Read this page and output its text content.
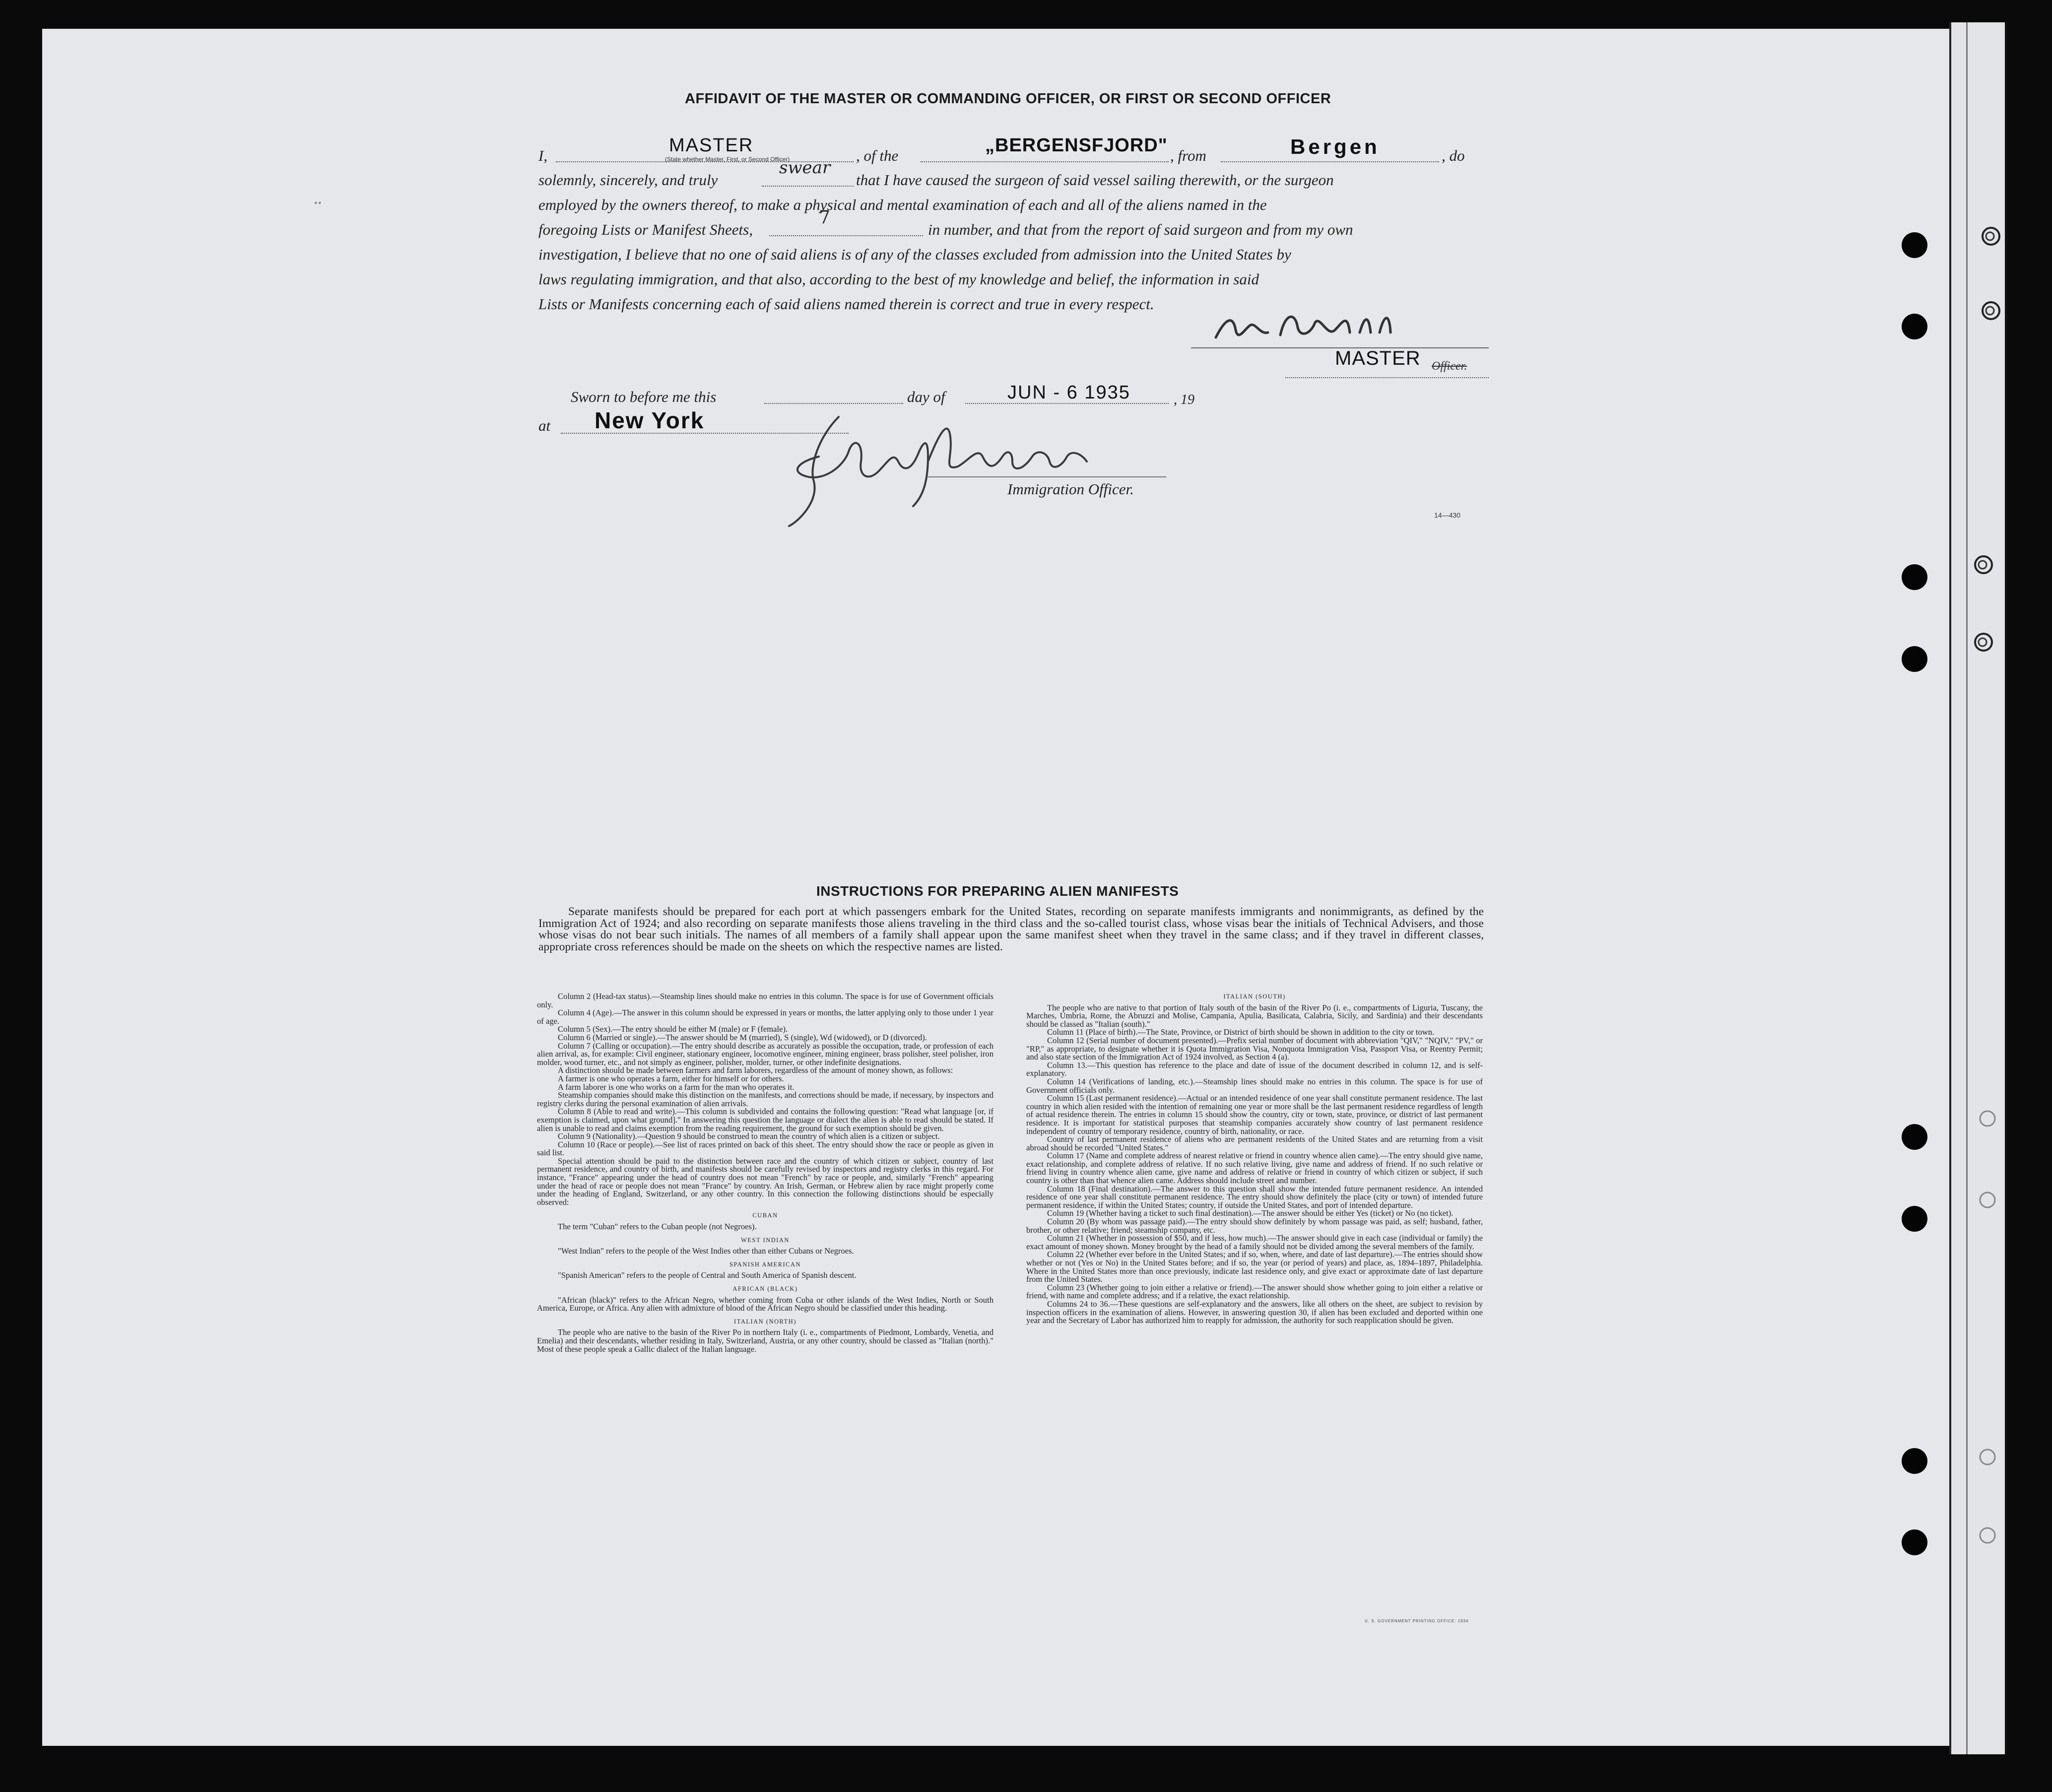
ꞏꞏ
AFFIDAVIT OF THE MASTER OR COMMANDING OFFICER, OR FIRST OR SECOND OFFICER
I,	MASTER
(State whether Master, First, or Second Officer)	, of the	„BERGENSFJORD" , from	Bergen	, do
solemnly, sincerely, and truly
swear
that I have caused the surgeon of said vessel sailing therewith, or the surgeon
employed by the owners thereof, to make a physical and mental examination of each and all of the aliens named in the
foregoing Lists or Manifest Sheets,
7
in number, and that from the report of said surgeon and from my own
investigation, I believe that no one of said aliens is of any of the classes excluded from admission into the United States by
laws regulating immigration, and that also, according to the best of my knowledge and belief, the information in said
Lists or Manifests concerning each of said aliens named therein is correct and true in every respect.
MASTER Officer.
Sworn to before me this	day of	JUN - 6 1935	, 19
at New York
Immigration Officer.
14—430
INSTRUCTIONS FOR PREPARING ALIEN MANIFESTS
Separate manifests should be prepared for each port at which passengers embark for the United States, recording on separate manifests immigrants and nonimmigrants, as defined by the Immigration Act of 1924; and also recording on separate manifests those aliens traveling in the third class and the so-called tourist class, whose visas bear the initials of Technical Advisers, and those whose visas do not bear such initials. The names of all members of a family shall appear upon the same manifest sheet when they travel in the same class; and if they travel in different classes, appropriate cross references should be made on the sheets on which the respective names are listed.

Column 2 (Head-tax status).—Steamship lines should make no entries in this column. The space is for use of Government officials only.

Column 4 (Age).—The answer in this column should be expressed in years or months, the latter applying only to those under 1 year of age.

Column 5 (Sex).—The entry should be either M (male) or F (female).

Column 6 (Married or single).—The answer should be M (married), S (single), Wd (widowed), or D (divorced).

Column 7 (Calling or occupation).—The entry should describe as accurately as possible the occupation, trade, or profession of each alien arrival, as, for example: Civil engineer, stationary engineer, locomotive engineer, mining engineer, brass polisher, steel polisher, iron molder, wood turner, etc., and not simply as engineer, polisher, molder, turner, or other indefinite designations.

A distinction should be made between farmers and farm laborers, regardless of the amount of money shown, as follows:

A farmer is one who operates a farm, either for himself or for others.

A farm laborer is one who works on a farm for the man who operates it.

Steamship companies should make this distinction on the manifests, and corrections should be made, if necessary, by inspectors and registry clerks during the personal examination of alien arrivals.

Column 8 (Able to read and write).—This column is subdivided and contains the following question: "Read what language [or, if exemption is claimed, upon what ground]." In answering this question the language or dialect the alien is able to read should be stated. If alien is unable to read and claims exemption from the reading requirement, the ground for such exemption should be given.

Column 9 (Nationality).—Question 9 should be construed to mean the country of which alien is a citizen or subject.

Column 10 (Race or people).—See list of races printed on back of this sheet. The entry should show the race or people as given in said list.

Special attention should be paid to the distinction between race and the country of which citizen or subject, country of last permanent residence, and country of birth, and manifests should be carefully revised by inspectors and registry clerks in this regard. For instance, "France" appearing under the head of country does not mean "French" by race or people, and, similarly "French" appearing under the head of race or people does not mean "France" by country. An Irish, German, or Hebrew alien by race might properly come under the heading of England, Switzerland, or any other country. In this connection the following distinctions should be especially observed:

CUBAN

The term "Cuban" refers to the Cuban people (not Negroes).

WEST INDIAN

"West Indian" refers to the people of the West Indies other than either Cubans or Negroes.

SPANISH AMERICAN

"Spanish American" refers to the people of Central and South America of Spanish descent.

AFRICAN (BLACK)

"African (black)" refers to the African Negro, whether coming from Cuba or other islands of the West Indies, North or South America, Europe, or Africa. Any alien with admixture of blood of the African Negro should be classified under this heading.

ITALIAN (NORTH)

The people who are native to the basin of the River Po in northern Italy (i. e., compartments of Piedmont, Lombardy, Venetia, and Emelia) and their descendants, whether residing in Italy, Switzerland, Austria, or any other country, should be classed as "Italian (north)." Most of these people speak a Gallic dialect of the Italian language.

ITALIAN (SOUTH)

The people who are native to that portion of Italy south of the basin of the River Po (i. e., compartments of Liguria, Tuscany, the Marches, Umbria, Rome, the Abruzzi and Molise, Campania, Apulia, Basilicata, Calabria, Sicily, and Sardinia) and their descendants should be classed as "Italian (south)."

Column 11 (Place of birth).—The State, Province, or District of birth should be shown in addition to the city or town.

Column 12 (Serial number of document presented).—Prefix serial number of document with abbreviation "QIV," "NQIV," "PV," or "RP," as appropriate, to designate whether it is Quota Immigration Visa, Nonquota Immigration Visa, Passport Visa, or Reentry Permit; and also state section of the Immigration Act of 1924 involved, as Section 4 (a).

Column 13.—This question has reference to the place and date of issue of the document described in column 12, and is self-explanatory.

Column 14 (Verifications of landing, etc.).—Steamship lines should make no entries in this column. The space is for use of Government officials only.

Column 15 (Last permanent residence).—Actual or an intended residence of one year shall constitute permanent residence. The last country in which alien resided with the intention of remaining one year or more shall be the last permanent residence regardless of length of actual residence therein. The entries in column 15 should show the country, city or town, state, province, or district of last permanent residence. It is important for statistical purposes that steamship companies accurately show country of last permanent residence independent of country of temporary residence, country of birth, nationality, or race.

Country of last permanent residence of aliens who are permanent residents of the United States and are returning from a visit abroad should be recorded "United States."

Column 17 (Name and complete address of nearest relative or friend in country whence alien came).—The entry should give name, exact relationship, and complete address of relative. If no such relative living, give name and address of friend. If no such relative or friend living in country whence alien came, give name and address of relative or friend in country of which citizen or subject, if such country is other than that whence alien came. Address should include street and number.

Column 18 (Final destination).—The answer to this question shall show the intended future permanent residence. An intended residence of one year shall constitute permanent residence. The entry should show definitely the place (city or town) of intended future permanent residence, if within the United States; country, if outside the United States, and port of intended departure.

Column 19 (Whether having a ticket to such final destination).—The answer should be either Yes (ticket) or No (no ticket).

Column 20 (By whom was passage paid).—The entry should show definitely by whom passage was paid, as self; husband, father, brother, or other relative; friend; steamship company, etc.

Column 21 (Whether in possession of $50, and if less, how much).—The answer should give in each case (individual or family) the exact amount of money shown. Money brought by the head of a family should not be divided among the several members of the family.

Column 22 (Whether ever before in the United States; and if so, when, where, and date of last departure).—The entries should show whether or not (Yes or No) in the United States before; and if so, the year (or period of years) and place, as, 1894–1897, Philadelphia. Where in the United States more than once previously, indicate last residence only, and give exact or approximate date of last departure from the United States.

Column 23 (Whether going to join either a relative or friend).—The answer should show whether going to join either a relative or friend, with name and complete address; and if a relative, the exact relationship.

Columns 24 to 36.—These questions are self-explanatory and the answers, like all others on the sheet, are subject to revision by inspection officers in the examination of aliens. However, in answering question 30, if alien has been excluded and deported within one year and the Secretary of Labor has authorized him to reapply for admission, the authority for such reapplication should be given.

U. S. GOVERNMENT PRINTING OFFICE: 1934
